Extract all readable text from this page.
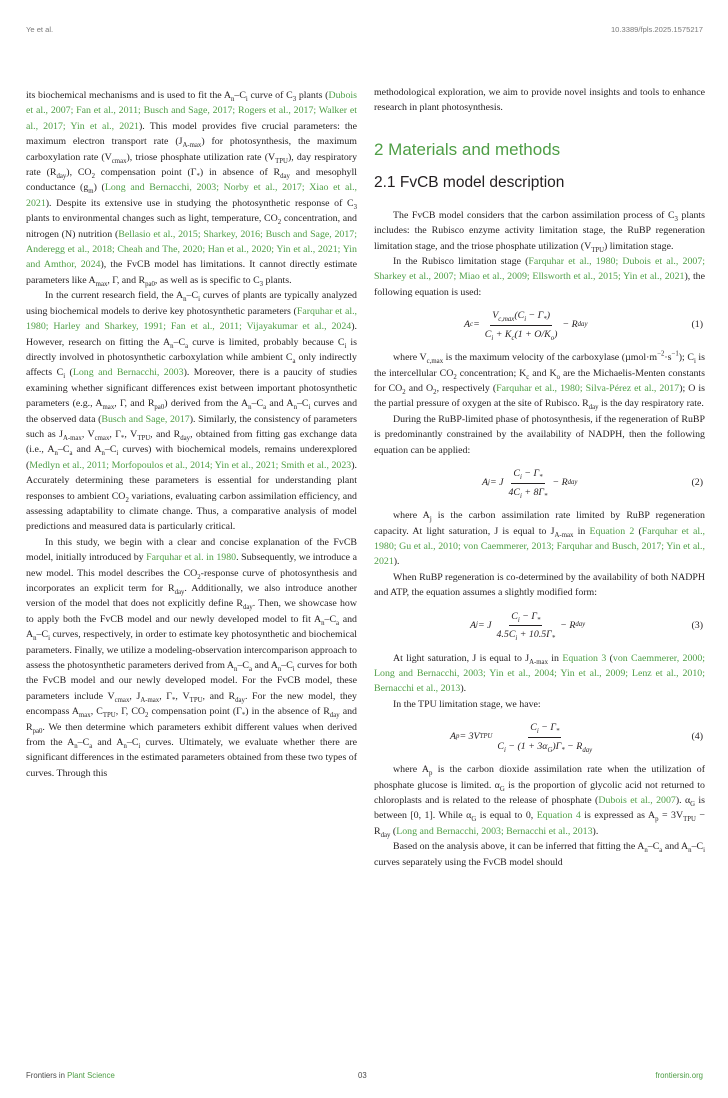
Ye et al.	10.3389/fpls.2025.1575217

its biochemical mechanisms and is used to fit the $A_n-C_i$ curve of $C_3$ plants (Dubois et al., 2007; Fan et al., 2011; Busch and Sage, 2017; Rogers et al., 2017; Walker et al., 2017; Yin et al., 2021). This model provides five crucial parameters: the maximum electron transport rate $(J_{A-max})$ for photosynthesis, the maximum carboxylation rate $(V_{cmax})$, triose phosphate utilization rate $(V_{TPU})$, day respiratory rate $(R_{day})$, $CO_2$ compensation point $(\Gamma_*)$ in absence of $R_{day}$ and mesophyll conductance $(g_m)$ (Long and Bernacchi, 2003; Norby et al., 2017; Xiao et al., 2021). Despite its extensive use in studying the photosynthetic response of $C_3$ plants to environmental changes such as light, temperature, $CO_2$ concentration, and nitrogen (N) nutrition (Bellasio et al., 2015; Sharkey, 2016; Busch and Sage, 2017; Anderegg et al., 2018; Cheah and The, 2020; Han et al., 2020; Yin et al., 2021; Yin and Amthor, 2024), the FvCB model has limitations. It cannot directly estimate parameters like $A_{max}$, Γ, and $R_{pa0}$, as well as is specific to $C_3$ plants.

In the current research field, the $A_n-C_i$ curves of plants are typically analyzed using biochemical models to derive key photosynthetic parameters (Farquhar et al., 1980; Harley and Sharkey, 1991; Fan et al., 2011; Vijayakumar et al., 2024). However, research on fitting the $A_n-C_a$ curve is limited, probably because $C_i$ is directly involved in photosynthetic carboxylation while ambient $C_a$ only indirectly affects $C_i$ (Long and Bernacchi, 2003). Moreover, there is a paucity of studies examining whether significant differences exist between important photosynthetic parameters (e.g., $A_{max}$, Γ, and $R_{pa0}$) derived from the $A_n-C_a$ and $A_n-C_i$ curves and the observed data (Busch and Sage, 2017). Similarly, the consistency of parameters such as $J_{A-max}$, $V_{cmax}$, $\Gamma_*$, $V_{TPU}$, and $R_{day}$, obtained from fitting gas exchange data (i.e., $A_n-C_a$ and $A_n-C_i$ curves) with biochemical models, remains underexplored (Medlyn et al., 2011; Morfopoulos et al., 2014; Yin et al., 2021; Smith et al., 2023). Accurately determining these parameters is essential for understanding plant responses to ambient $CO_2$ variations, evaluating carbon assimilation efficiency, and assessing adaptability to climate change. Thus, a comparative analysis of model predictions and measured data is particularly critical.

In this study, we begin with a clear and concise explanation of the FvCB model, initially introduced by Farquhar et al. in 1980. Subsequently, we introduce a new model. This model describes the $CO_2$-response curve of photosynthesis and incorporates an explicit term for $R_{day}$. Additionally, we also introduce another version of the model that does not explicitly define $R_{day}$. Then, we showcase how to apply both the FvCB model and our newly developed model to fit $A_n-C_a$ and $A_n-C_i$ curves, respectively, in order to estimate key photosynthetic and biochemical parameters. Finally, we utilize a modeling-observation intercomparison approach to assess the photosynthetic parameters derived from $A_n-C_a$ and $A_n-C_i$ curves for both the FvCB model and our newly developed model. For the FvCB model, these parameters include $V_{cmax}$, $J_{A-max}$, $\Gamma_*$, $V_{TPU}$, and $R_{day}$. For the new model, they encompass $A_{max}$, $C_{TPU}$, Γ, $CO_2$ compensation point $(\Gamma_*)$ in the absence of $R_{day}$ and $R_{pa0}$. We then determine which parameters exhibit different values when derived from the $A_n-C_a$ and $A_n-C_i$ curves. Ultimately, we evaluate whether there are significant differences in the estimated parameters obtained from these two types of curves. Through this

methodological exploration, we aim to provide novel insights and tools to enhance research in plant photosynthesis.

2 Materials and methods
2.1 FvCB model description

The FvCB model considers that the carbon assimilation process of $C_3$ plants includes: the Rubisco enzyme activity limitation stage, the RuBP regeneration limitation stage, and the triose phosphate utilization $(V_{TPU})$ limitation stage.

In the Rubisco limitation stage (Farquhar et al., 1980; Dubois et al., 2007; Sharkey et al., 2007; Miao et al., 2009; Ellsworth et al., 2015; Yin et al., 2021), the following equation is used:

A $c = \frac{V_{c,max}(C_i - \Gamma_*)}{C_i + K_c(1 + O/K_o)} - R$ day	(1)

where $V_{c,max}$ is the maximum velocity of the carboxylase $(\mu mol\cdot m^{-2}\cdot s^{-1})$; $C_i$ is the intercellular $CO_2$ concentration; $K_c$ and $K_o$ are the Michaelis-Menten constants for $CO_2$ and $O_2$, respectively (Farquhar et al., 1980; Silva-Pérez et al., 2017); O is the partial pressure of oxygen at the site of Rubisco. $R_{day}$ is the day respiratory rate.

During the RuBP-limited phase of photosynthesis, if the regeneration of RuBP is predominantly constrained by the availability of NADPH, then the following equation can be applied:

A j = J $\frac{C_i - \Gamma_*}{4C_i + 8\Gamma_*} - R$ day	(2)

where $A_j$ is the carbon assimilation rate limited by RuBP regeneration capacity. At light saturation, J is equal to $J_{A-max}$ in Equation 2 (Farquhar et al., 1980; Gu et al., 2010; von Caemmerer, 2013; Farquhar and Busch, 2017; Yin et al., 2021).

When RuBP regeneration is co-determined by the availability of both NADPH and ATP, the equation assumes a slightly modified form:

A j = J $\frac{C_i - \Gamma_*}{4.5C_i + 10.5\Gamma_*} - R$ day	(3)

At light saturation, J is equal to $J_{A-max}$ in Equation 3 (von Caemmerer, 2000; Long and Bernacchi, 2003; Yin et al., 2004; Yin et al., 2009; Lenz et al., 2010; Bernacchi et al., 2013).

In the TPU limitation stage, we have:

A p = 3V TPU $\frac{C_i - \Gamma_*}{C_i - (1 + 3\alpha_G)\Gamma_* - R_{day}}$	(4)

where $A_p$ is the carbon dioxide assimilation rate when the utilization of phosphate glucose is limited. $\alpha_G$ is the proportion of glycolic acid not returned to chloroplasts and is related to the release of phosphate (Dubois et al., 2007). $\alpha_G$ is between [0, 1]. While $\alpha_G$ is equal to 0, Equation 4 is expressed as $A_p = 3V_{TPU} - R_{day}$ (Long and Bernacchi, 2003; Bernacchi et al., 2013).

Based on the analysis above, it can be inferred that fitting the $A_n-C_a$ and $A_n-C_i$ curves separately using the FvCB model should

Frontiers in Plant Science	03	frontiersin.org
